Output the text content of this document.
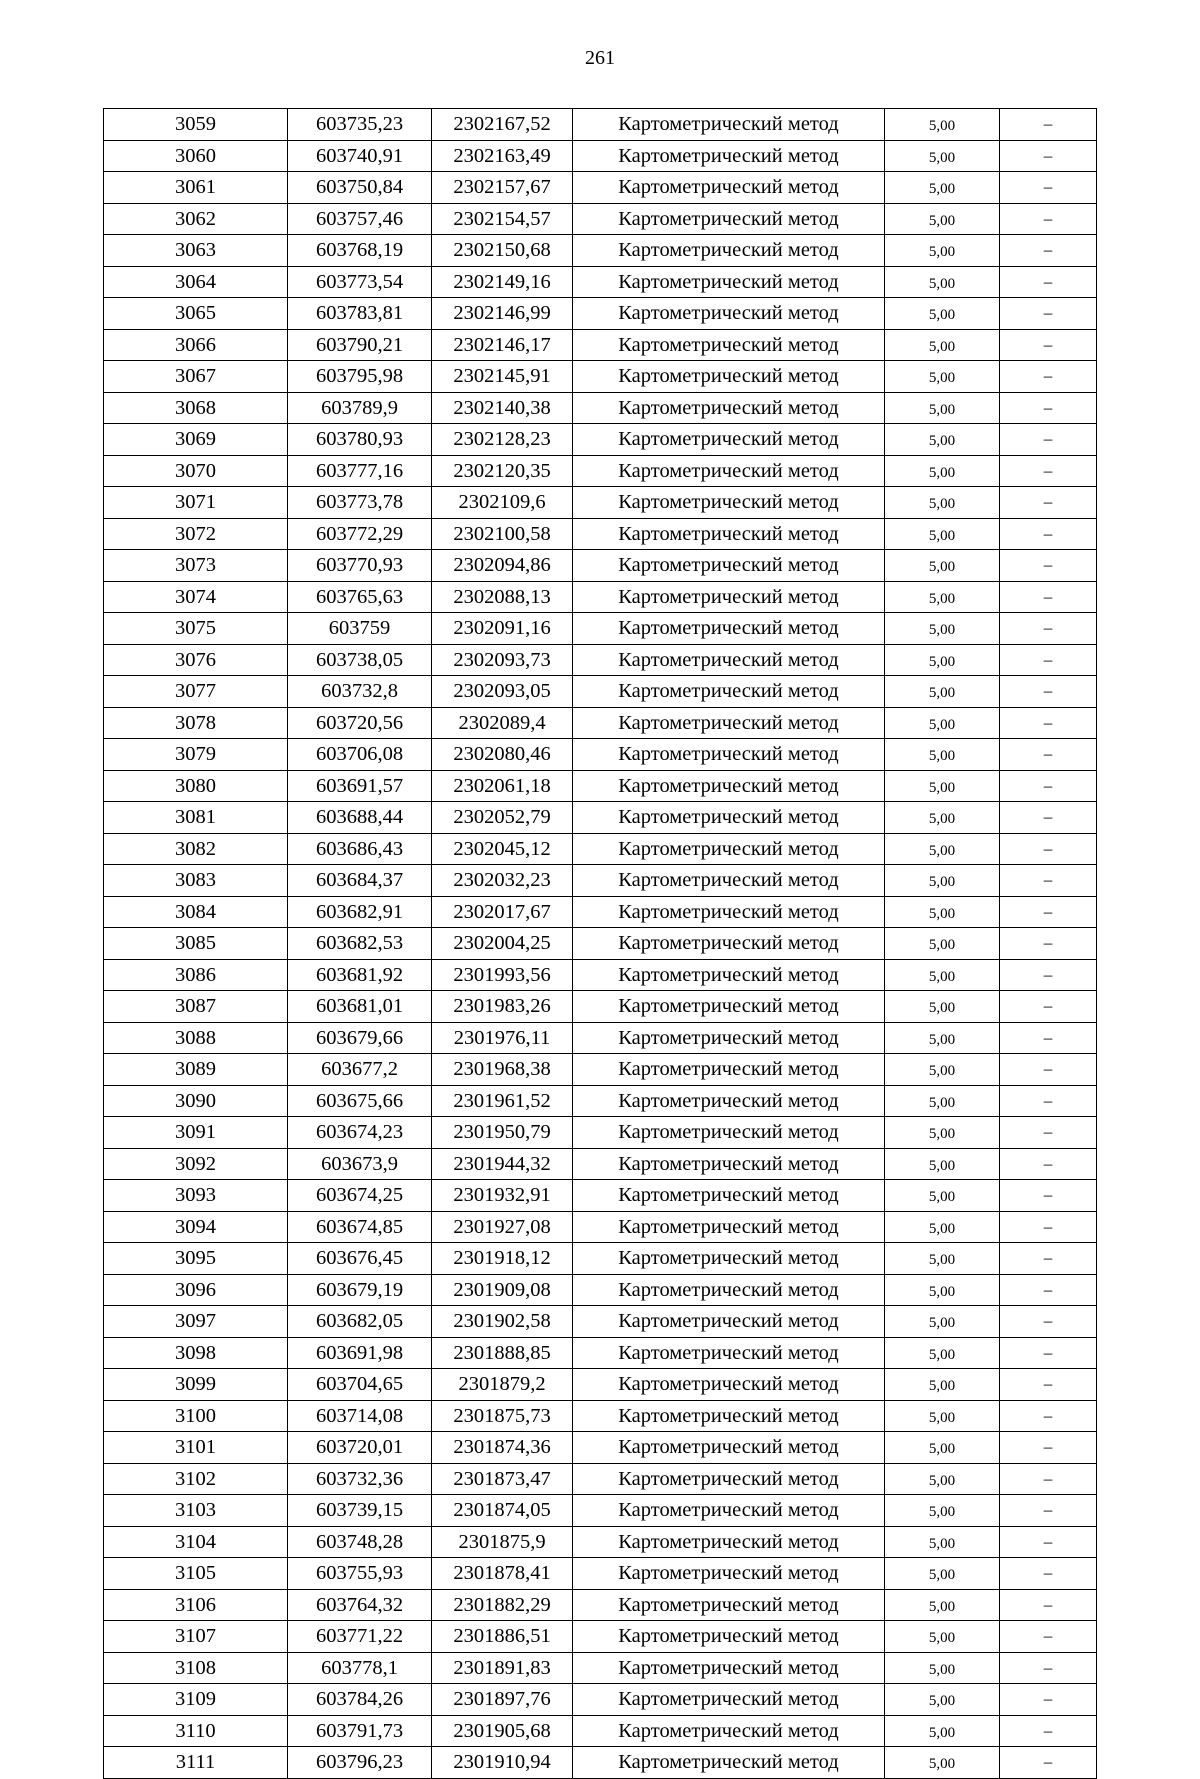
261
3059	603735,23	2302167,52	Картометрический метод	5,00	–
3060	603740,91	2302163,49	Картометрический метод	5,00	–
3061	603750,84	2302157,67	Картометрический метод	5,00	–
3062	603757,46	2302154,57	Картометрический метод	5,00	–
3063	603768,19	2302150,68	Картометрический метод	5,00	–
3064	603773,54	2302149,16	Картометрический метод	5,00	–
3065	603783,81	2302146,99	Картометрический метод	5,00	–
3066	603790,21	2302146,17	Картометрический метод	5,00	–
3067	603795,98	2302145,91	Картометрический метод	5,00	–
3068	603789,9	2302140,38	Картометрический метод	5,00	–
3069	603780,93	2302128,23	Картометрический метод	5,00	–
3070	603777,16	2302120,35	Картометрический метод	5,00	–
3071	603773,78	2302109,6	Картометрический метод	5,00	–
3072	603772,29	2302100,58	Картометрический метод	5,00	–
3073	603770,93	2302094,86	Картометрический метод	5,00	–
3074	603765,63	2302088,13	Картометрический метод	5,00	–
3075	603759	2302091,16	Картометрический метод	5,00	–
3076	603738,05	2302093,73	Картометрический метод	5,00	–
3077	603732,8	2302093,05	Картометрический метод	5,00	–
3078	603720,56	2302089,4	Картометрический метод	5,00	–
3079	603706,08	2302080,46	Картометрический метод	5,00	–
3080	603691,57	2302061,18	Картометрический метод	5,00	–
3081	603688,44	2302052,79	Картометрический метод	5,00	–
3082	603686,43	2302045,12	Картометрический метод	5,00	–
3083	603684,37	2302032,23	Картометрический метод	5,00	–
3084	603682,91	2302017,67	Картометрический метод	5,00	–
3085	603682,53	2302004,25	Картометрический метод	5,00	–
3086	603681,92	2301993,56	Картометрический метод	5,00	–
3087	603681,01	2301983,26	Картометрический метод	5,00	–
3088	603679,66	2301976,11	Картометрический метод	5,00	–
3089	603677,2	2301968,38	Картометрический метод	5,00	–
3090	603675,66	2301961,52	Картометрический метод	5,00	–
3091	603674,23	2301950,79	Картометрический метод	5,00	–
3092	603673,9	2301944,32	Картометрический метод	5,00	–
3093	603674,25	2301932,91	Картометрический метод	5,00	–
3094	603674,85	2301927,08	Картометрический метод	5,00	–
3095	603676,45	2301918,12	Картометрический метод	5,00	–
3096	603679,19	2301909,08	Картометрический метод	5,00	–
3097	603682,05	2301902,58	Картометрический метод	5,00	–
3098	603691,98	2301888,85	Картометрический метод	5,00	–
3099	603704,65	2301879,2	Картометрический метод	5,00	–
3100	603714,08	2301875,73	Картометрический метод	5,00	–
3101	603720,01	2301874,36	Картометрический метод	5,00	–
3102	603732,36	2301873,47	Картометрический метод	5,00	–
3103	603739,15	2301874,05	Картометрический метод	5,00	–
3104	603748,28	2301875,9	Картометрический метод	5,00	–
3105	603755,93	2301878,41	Картометрический метод	5,00	–
3106	603764,32	2301882,29	Картометрический метод	5,00	–
3107	603771,22	2301886,51	Картометрический метод	5,00	–
3108	603778,1	2301891,83	Картометрический метод	5,00	–
3109	603784,26	2301897,76	Картометрический метод	5,00	–
3110	603791,73	2301905,68	Картометрический метод	5,00	–
3111	603796,23	2301910,94	Картометрический метод	5,00	–
